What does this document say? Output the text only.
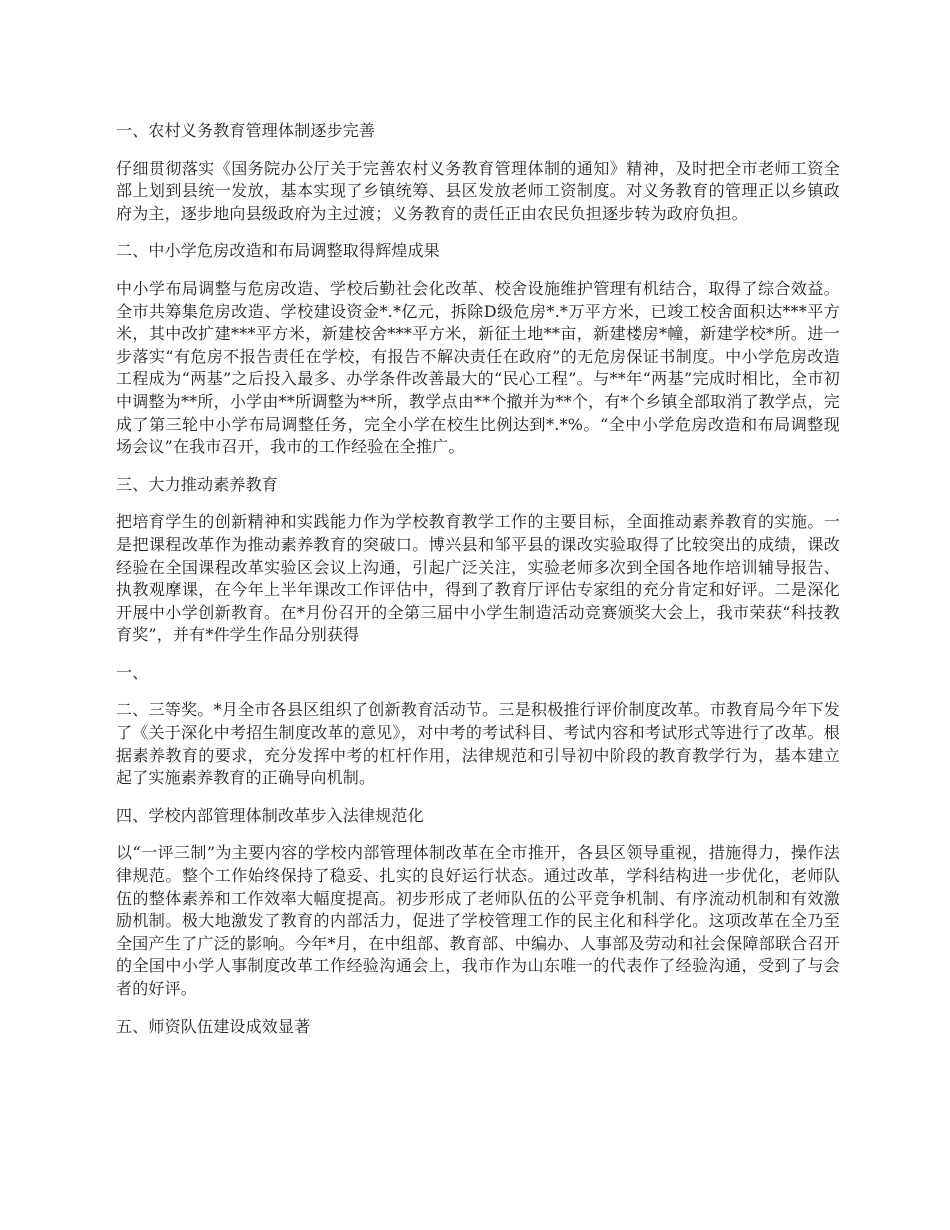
一、农村义务教育管理体制逐步完善

仔细贯彻落实《国务院办公厅关于完善农村义务教育管理体制的通知》精神，及时把全市老师工资全部上划到县统一发放，基本实现了乡镇统筹、县区发放老师工资制度。对义务教育的管理正以乡镇政府为主，逐步地向县级政府为主过渡；义务教育的责任正由农民负担逐步转为政府负担。

二、中小学危房改造和布局调整取得辉煌成果

中小学布局调整与危房改造、学校后勤社会化改革、校舍设施维护管理有机结合，取得了综合效益。全市共筹集危房改造、学校建设资金*.*亿元，拆除D级危房*.*万平方米，已竣工校舍面积达***平方米，其中改扩建***平方米，新建校舍***平方米，新征土地**亩，新建楼房*幢，新建学校*所。进一步落实“有危房不报告责任在学校，有报告不解决责任在政府”的无危房保证书制度。中小学危房改造工程成为“两基”之后投入最多、办学条件改善最大的“民心工程”。与**年“两基”完成时相比，全市初中调整为**所，小学由**所调整为**所，教学点由**个撤并为**个，有*个乡镇全部取消了教学点，完成了第三轮中小学布局调整任务，完全小学在校生比例达到*.*%。“全中小学危房改造和布局调整现场会议”在我市召开，我市的工作经验在全推广。

三、大力推动素养教育

把培育学生的创新精神和实践能力作为学校教育教学工作的主要目标，全面推动素养教育的实施。一是把课程改革作为推动素养教育的突破口。博兴县和邹平县的课改实验取得了比较突出的成绩，课改经验在全国课程改革实验区会议上沟通，引起广泛关注，实验老师多次到全国各地作培训辅导报告、执教观摩课，在今年上半年课改工作评估中，得到了教育厅评估专家组的充分肯定和好评。二是深化开展中小学创新教育。在*月份召开的全第三届中小学生制造活动竞赛颁奖大会上，我市荣获“科技教育奖”，并有*件学生作品分别获得

一、

二、三等奖。*月全市各县区组织了创新教育活动节。三是积极推行评价制度改革。市教育局今年下发了《关于深化中考招生制度改革的意见》，对中考的考试科目、考试内容和考试形式等进行了改革。根据素养教育的要求，充分发挥中考的杠杆作用，法律规范和引导初中阶段的教育教学行为，基本建立起了实施素养教育的正确导向机制。

四、学校内部管理体制改革步入法律规范化

以“一评三制”为主要内容的学校内部管理体制改革在全市推开，各县区领导重视，措施得力，操作法律规范。整个工作始终保持了稳妥、扎实的良好运行状态。通过改革，学科结构进一步优化，老师队伍的整体素养和工作效率大幅度提高。初步形成了老师队伍的公平竞争机制、有序流动机制和有效激励机制。极大地激发了教育的内部活力，促进了学校管理工作的民主化和科学化。这项改革在全乃至全国产生了广泛的影响。今年*月，在中组部、教育部、中编办、人事部及劳动和社会保障部联合召开的全国中小学人事制度改革工作经验沟通会上，我市作为山东唯一的代表作了经验沟通，受到了与会者的好评。

五、师资队伍建设成效显著
